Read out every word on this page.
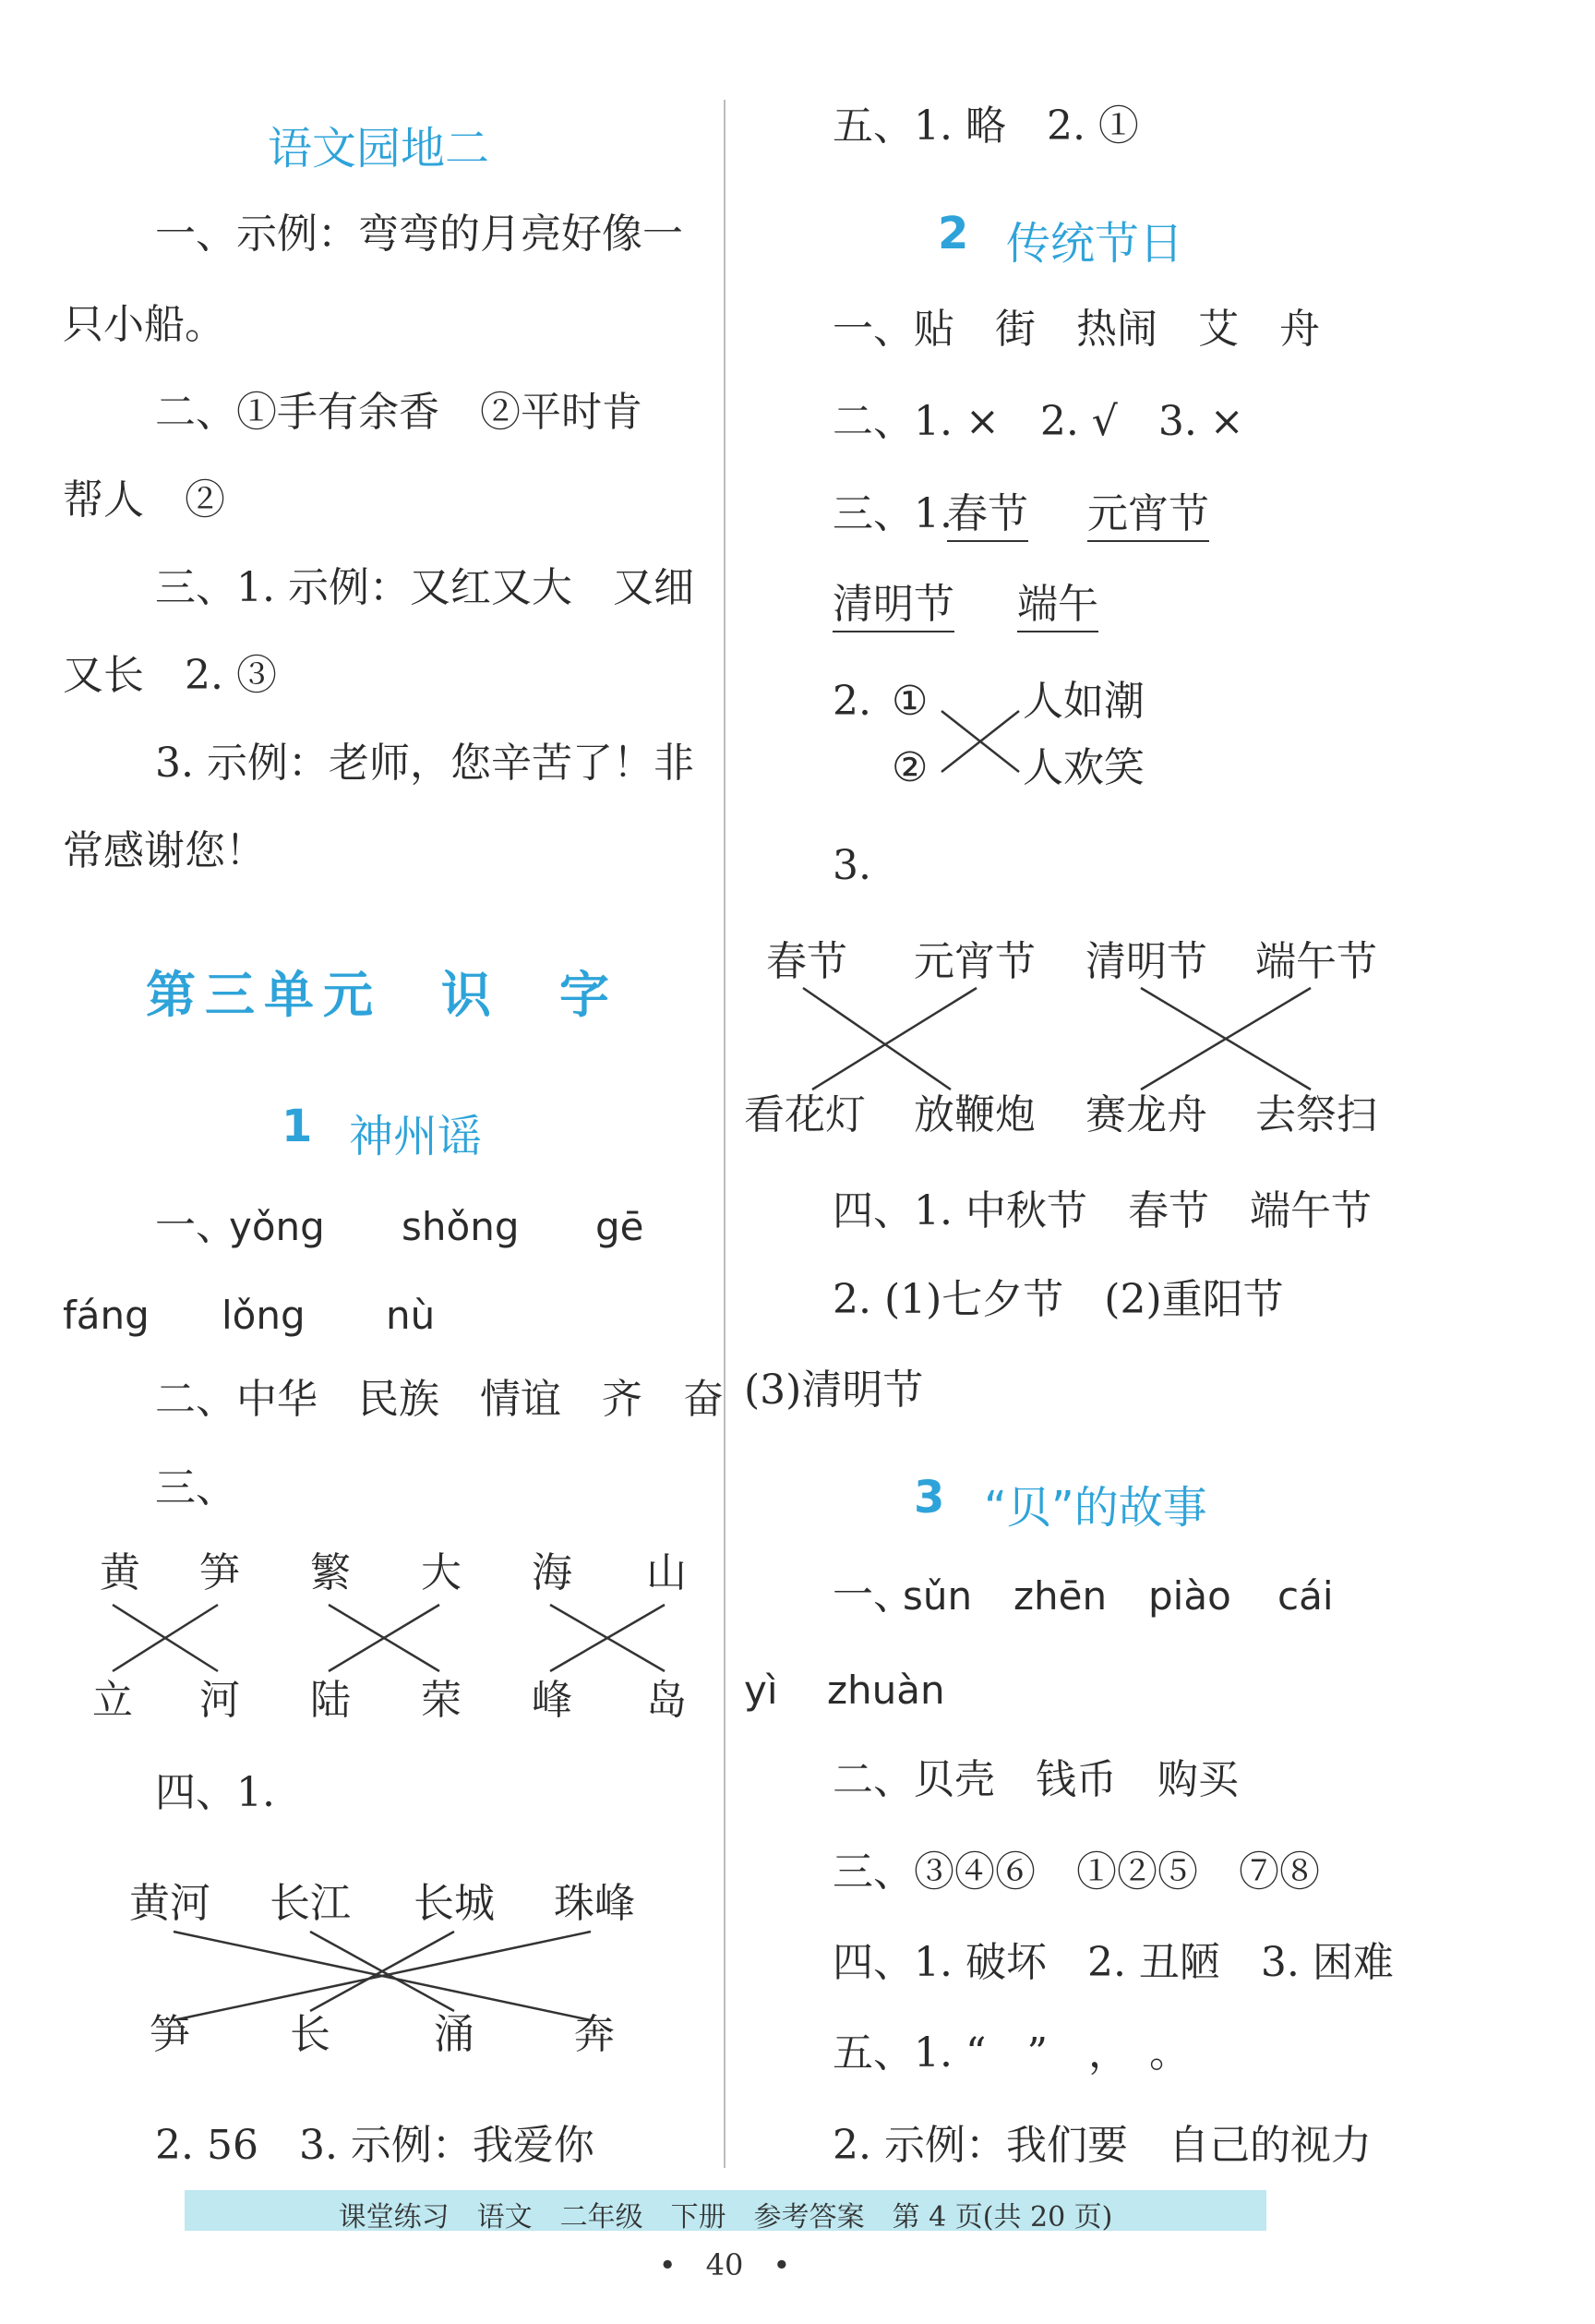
语文园地二
一、示例：弯弯的月亮好像一
只小船。
二、①手有余香　②平时肯
帮人　②
三、1. 示例：又红又大　又细
又长　2. ③
3. 示例：老师，您辛苦了！非
常感谢您！
第三单元　识　字
1 神州谣
一、
yǒng shǒng gē
fáng lǒng nù
二、中华　民族　情谊　齐　奋
三、
黄 笋 繁 大 海 山
立 河 陆 荣 峰 岛
四、1.
黄河 长江 长城 珠峰
笋 长	涌 奔
2. 56　3. 示例：我爱你
五、1. 略　2. ①
2 传统节日
一、贴　街　热闹　艾　舟
二、1. ×　2. √　3. ×
三、1.
春节 元宵节
清明节 端午
2. ①
②
人如潮
人欢笑
3.
春节 元宵节 清明节 端午节
看花灯 放鞭炮 赛龙舟 去祭扫
四、1. 中秋节　春节　端午节
2. (1)七夕节　(2)重阳节
(3)清明节
3 “贝”的故事
一、
sǔn zhēn piào cái
yì zhuàn
二、贝壳　钱币　购买
三、③④⑥　①②⑤　⑦⑧
四、1. 破坏　2. 丑陋　3. 困难
五、1. “　”　，　。
2. 示例：我们要　自己的视力
课堂练习　语文　二年级　下册　参考答案　第 4 页(共 20 页)
•　40　•
